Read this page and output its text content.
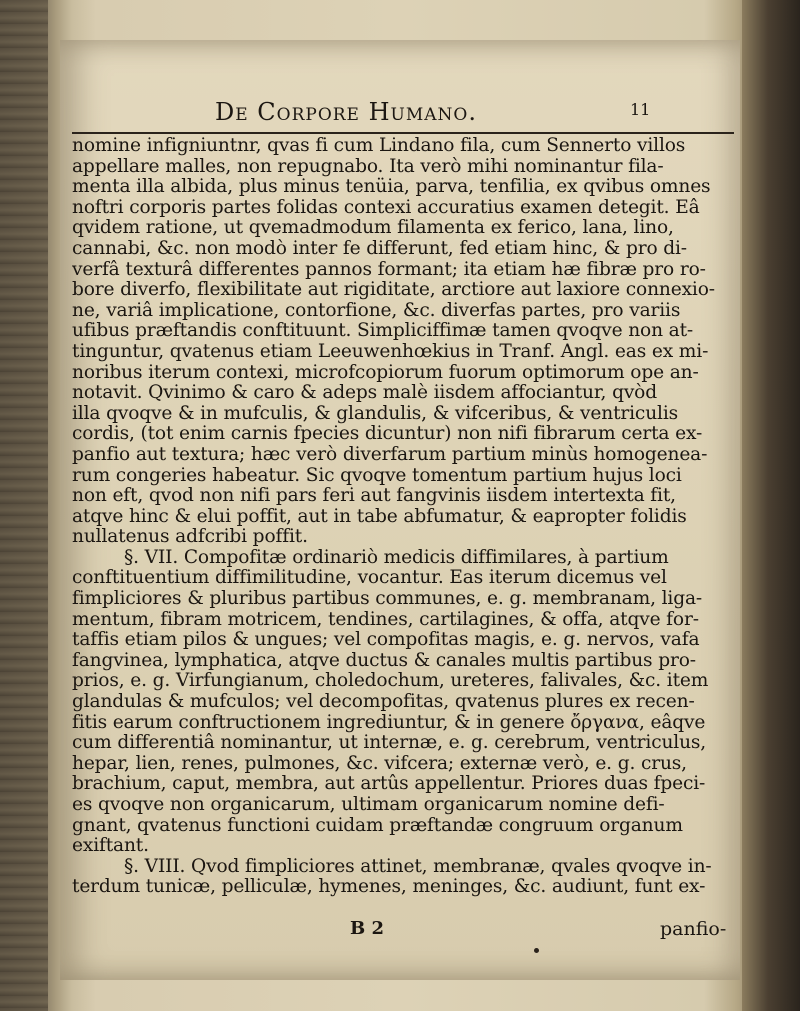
De Corpore Humano.	11
nomine infigniuntnr, qvas fi cum Lindano fila, cum Sennerto villos
appellare malles, non repugnabo. Ita verò mihi nominantur fila-
menta illa albida, plus minus tenüia, parva, tenfilia, ex qvibus omnes
noftri corporis partes folidas contexi accuratius examen detegit. Eâ
qvidem ratione, ut qvemadmodum filamenta ex ferico, lana, lino,
cannabi, &c. non modò inter fe differunt, fed etiam hinc, & pro di-
verfâ texturâ differentes pannos formant; ita etiam hæ fibræ pro ro-
bore diverfo, flexibilitate aut rigiditate, arctiore aut laxiore connexio-
ne, variâ implicatione, contorfione, &c. diverfas partes, pro variis
ufibus præftandis conftituunt. Simpliciffimæ tamen qvoqve non at-
tinguntur, qvatenus etiam Leeuwenhœkius in Tranf. Angl. eas ex mi-
noribus iterum contexi, microfcopiorum fuorum optimorum ope an-
notavit. Qvinimo & caro & adeps malè iisdem affociantur, qvòd
illa qvoqve & in mufculis, & glandulis, & vifceribus, & ventriculis
cordis, (tot enim carnis fpecies dicuntur) non nifi fibrarum certa ex-
panfio aut textura; hæc verò diverfarum partium minùs homogenea-
rum congeries habeatur. Sic qvoqve tomentum partium hujus loci
non eft, qvod non nifi pars feri aut fangvinis iisdem intertexta fit,
atqve hinc & elui poffit, aut in tabe abfumatur, & eapropter folidis
nullatenus adfcribi poffit.
§. VII. Compofitæ ordinariò medicis diffimilares, à partium
conftituentium diffimilitudine, vocantur. Eas iterum dicemus vel
fimpliciores & pluribus partibus communes, e. g. membranam, liga-
mentum, fibram motricem, tendines, cartilagines, & offa, atqve for-
taffis etiam pilos & ungues; vel compofitas magis, e. g. nervos, vafa
fangvinea, lymphatica, atqve ductus & canales multis partibus pro-
prios, e. g. Virfungianum, choledochum, ureteres, falivales, &c. item
glandulas & mufculos; vel decompofitas, qvatenus plures ex recen-
fitis earum conftructionem ingrediuntur, & in genere ὄργανα, eâqve
cum differentiâ nominantur, ut internæ, e. g. cerebrum, ventriculus,
hepar, lien, renes, pulmones, &c. vifcera; externæ verò, e. g. crus,
brachium, caput, membra, aut artûs appellentur. Priores duas fpeci-
es qvoqve non organicarum, ultimam organicarum nomine defi-
gnant, qvatenus functioni cuidam præftandæ congruum organum
exiftant.
§. VIII. Qvod fimpliciores attinet, membranæ, qvales qvoqve in-
terdum tunicæ, pelliculæ, hymenes, meninges, &c. audiunt, funt ex-
B 2	panfio-
